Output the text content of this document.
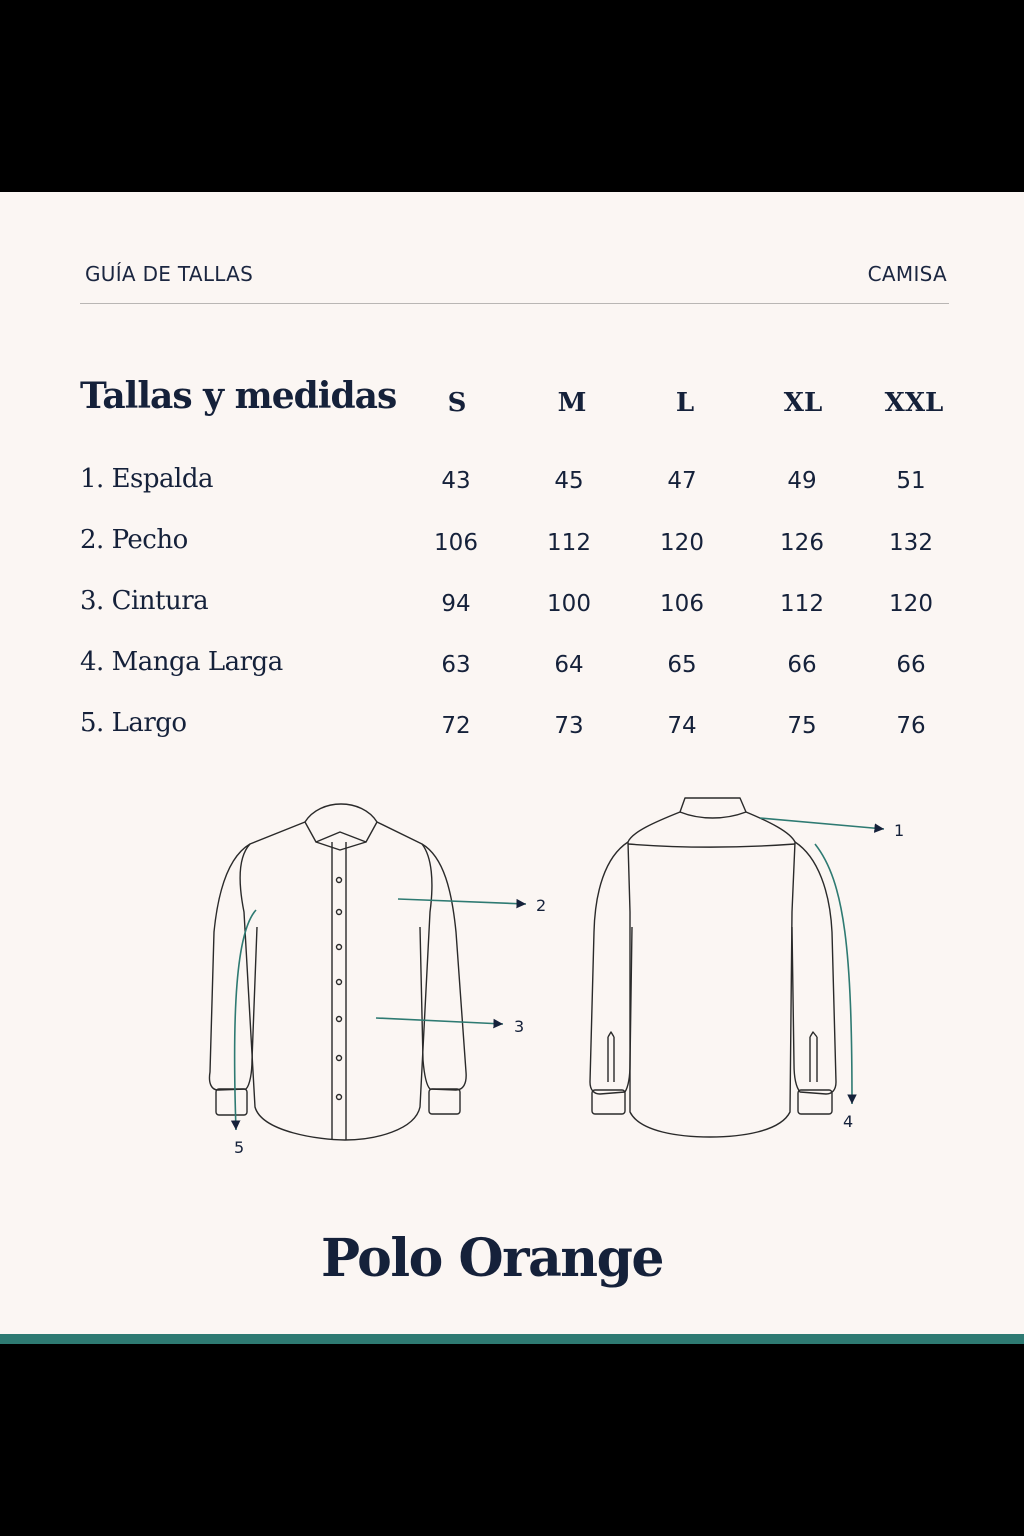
GUÍA DE TALLAS	CAMISA
Tallas y medidas	S	M	L	XL	XXL
1. Espalda	43	45	47	49	51
2. Pecho	106	112	120	126	132
3. Cintura	94	100	106	112	120
4. Manga Larga	63	64	65	66	66
5. Largo	72	73	74	75	76
1
2
3
4
5
Polo Orange
